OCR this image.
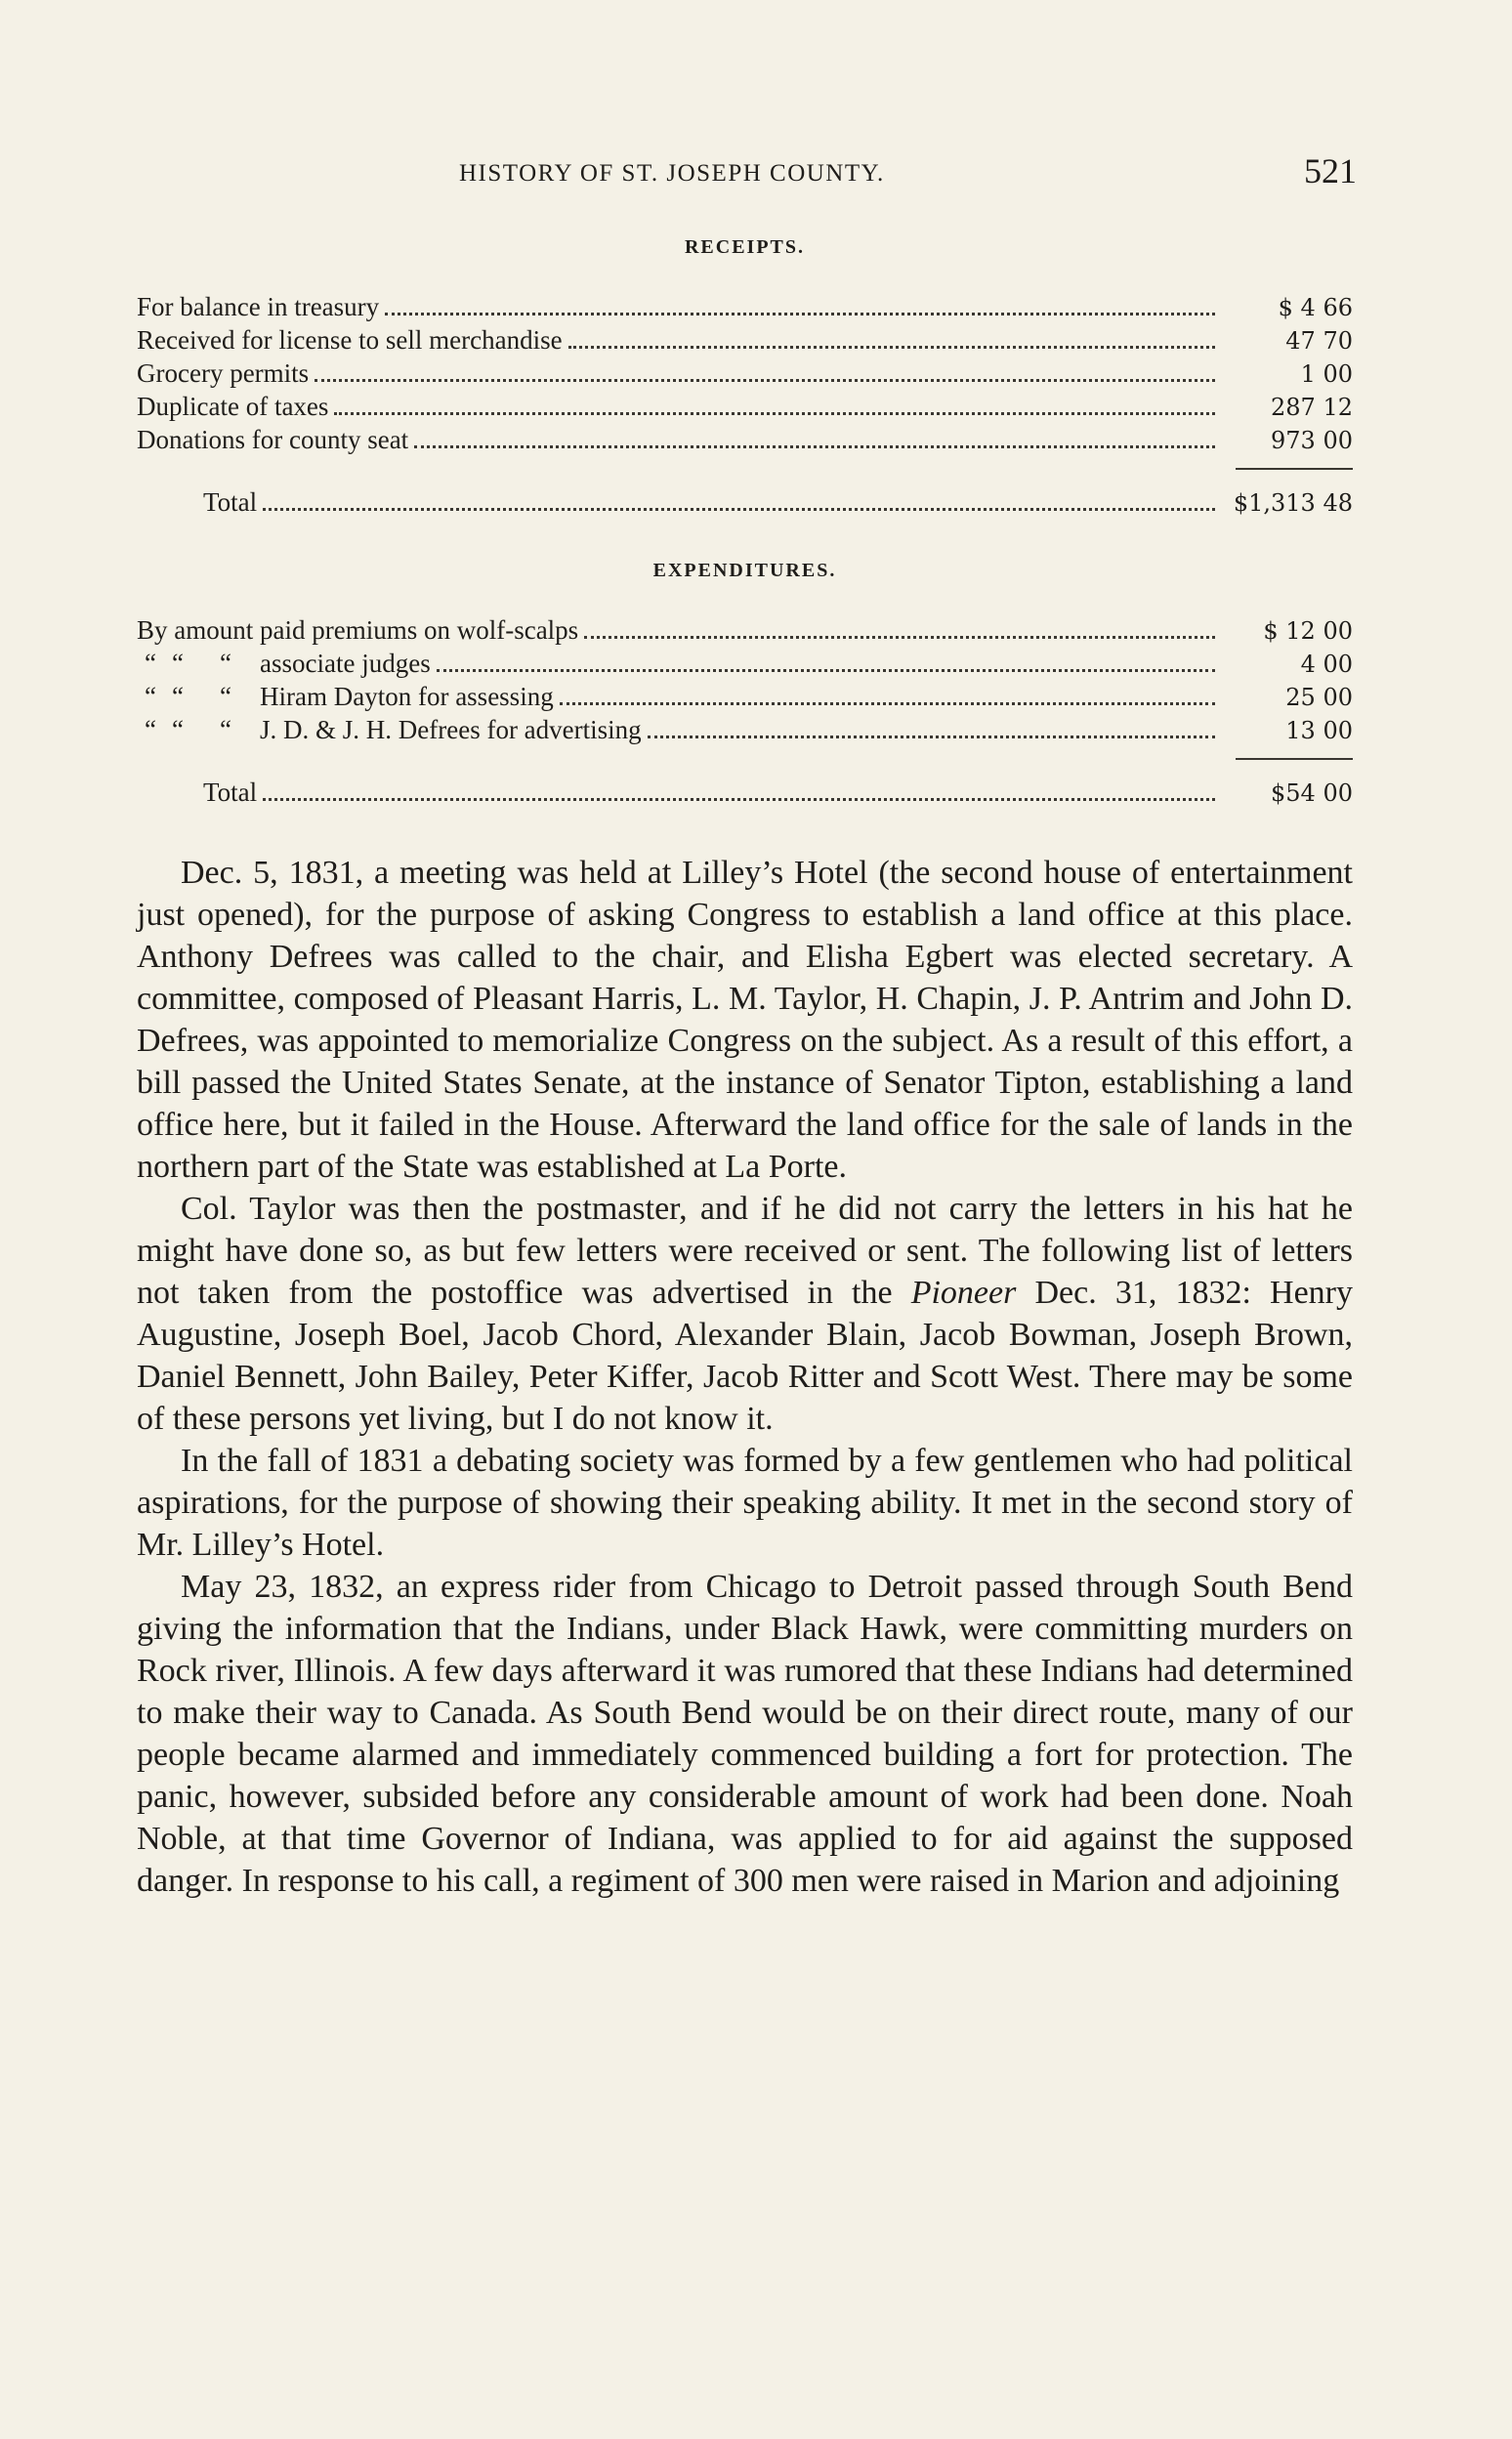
HISTORY OF ST. JOSEPH COUNTY.	521
RECEIPTS.
For balance in treasury	$ 4 66
Received for license to sell merchandise	47 70
Grocery permits	1 00
Duplicate of taxes	287 12
Donations for county seat	973 00
Total	$1,313 48
EXPENDITURES.
By amount paid premiums on wolf-scalps	$ 12 00
“ “ “ associate judges	4 00
“ “ “ Hiram Dayton for assessing	25 00
“ “ “ J. D. & J. H. Defrees for advertising	13 00
Total	$54 00

Dec. 5, 1831, a meeting was held at Lilley’s Hotel (the second house of entertainment just opened), for the purpose of asking Congress to establish a land office at this place. Anthony Defrees was called to the chair, and Elisha Egbert was elected secretary. A committee, composed of Pleasant Harris, L. M. Taylor, H. Chapin, J. P. Antrim and John D. Defrees, was appointed to memorialize Congress on the subject. As a result of this effort, a bill passed the United States Senate, at the instance of Senator Tipton, establishing a land office here, but it failed in the House. Afterward the land office for the sale of lands in the northern part of the State was established at La Porte.

Col. Taylor was then the postmaster, and if he did not carry the letters in his hat he might have done so, as but few letters were received or sent. The following list of letters not taken from the postoffice was advertised in the Pioneer Dec. 31, 1832: Henry Augustine, Joseph Boel, Jacob Chord, Alexander Blain, Jacob Bowman, Joseph Brown, Daniel Bennett, John Bailey, Peter Kiffer, Jacob Ritter and Scott West. There may be some of these persons yet living, but I do not know it.

In the fall of 1831 a debating society was formed by a few gentlemen who had political aspirations, for the purpose of showing their speaking ability. It met in the second story of Mr. Lilley’s Hotel.

May 23, 1832, an express rider from Chicago to Detroit passed through South Bend giving the information that the Indians, under Black Hawk, were committing murders on Rock river, Illinois. A few days afterward it was rumored that these Indians had determined to make their way to Canada. As South Bend would be on their direct route, many of our people became alarmed and immediately commenced building a fort for protection. The panic, however, subsided before any considerable amount of work had been done. Noah Noble, at that time Governor of Indiana, was applied to for aid against the supposed danger. In response to his call, a regiment of 300 men were raised in Marion and adjoining
